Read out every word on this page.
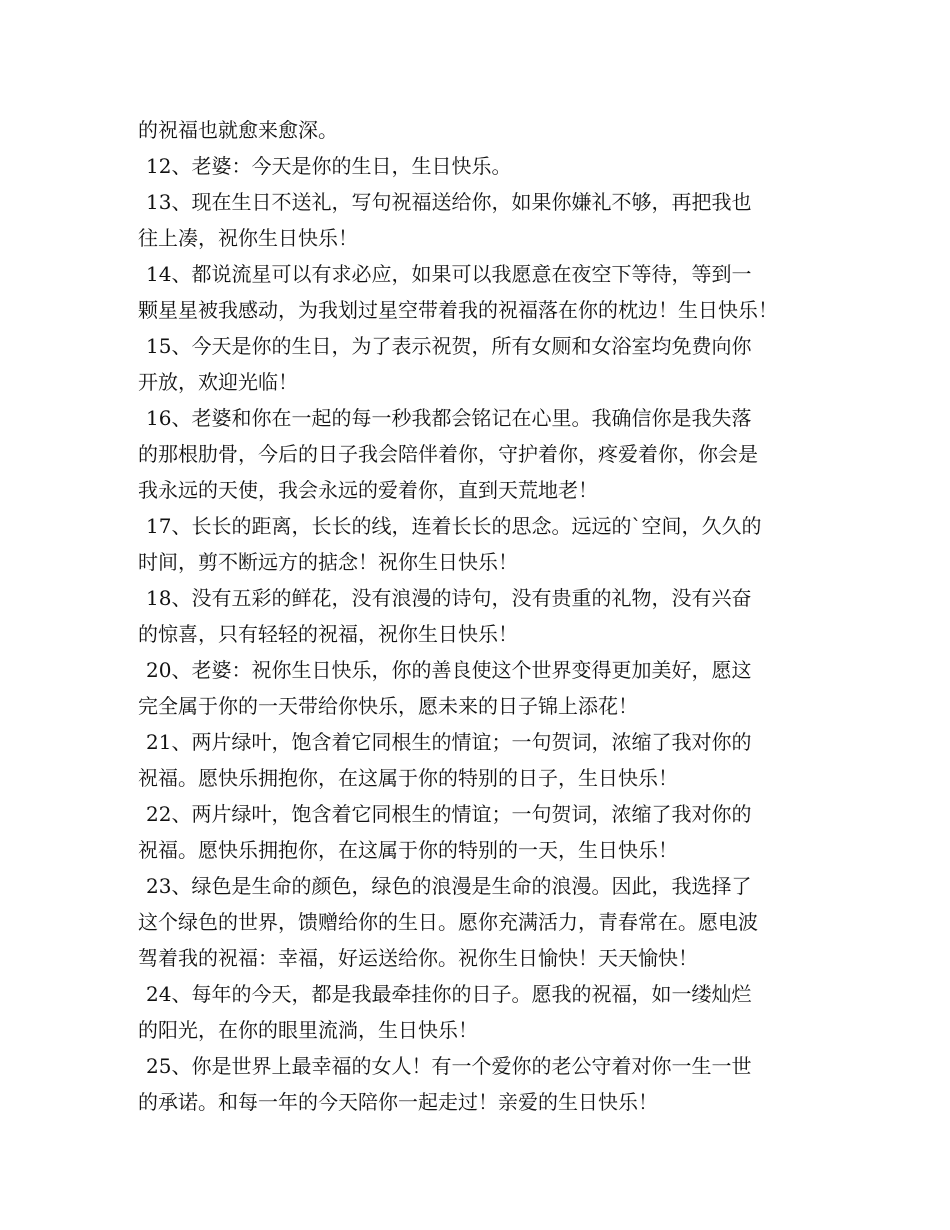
的祝福也就愈来愈深。
12、老婆：今天是你的生日，生日快乐。
13、现在生日不送礼，写句祝福送给你，如果你嫌礼不够，再把我也
往上凑，祝你生日快乐！
14、都说流星可以有求必应，如果可以我愿意在夜空下等待，等到一
颗星星被我感动，为我划过星空带着我的祝福落在你的枕边！生日快乐！
15、今天是你的生日，为了表示祝贺，所有女厕和女浴室均免费向你
开放，欢迎光临！
16、老婆和你在一起的每一秒我都会铭记在心里。我确信你是我失落
的那根肋骨，今后的日子我会陪伴着你，守护着你，疼爱着你，你会是
我永远的天使，我会永远的爱着你，直到天荒地老！
17、长长的距离，长长的线，连着长长的思念。远远的`空间，久久的
时间，剪不断远方的掂念！祝你生日快乐！
18、没有五彩的鲜花，没有浪漫的诗句，没有贵重的礼物，没有兴奋
的惊喜，只有轻轻的祝福，祝你生日快乐！
20、老婆：祝你生日快乐，你的善良使这个世界变得更加美好，愿这
完全属于你的一天带给你快乐，愿未来的日子锦上添花！
21、两片绿叶，饱含着它同根生的情谊；一句贺词，浓缩了我对你的
祝福。愿快乐拥抱你，在这属于你的特别的日子，生日快乐！
22、两片绿叶，饱含着它同根生的情谊；一句贺词，浓缩了我对你的
祝福。愿快乐拥抱你，在这属于你的特别的一天，生日快乐！
23、绿色是生命的颜色，绿色的浪漫是生命的浪漫。因此，我选择了
这个绿色的世界，馈赠给你的生日。愿你充满活力，青春常在。愿电波
驾着我的祝福：幸福，好运送给你。祝你生日愉快！天天愉快！
24、每年的今天，都是我最牵挂你的日子。愿我的祝福，如一缕灿烂
的阳光，在你的眼里流淌，生日快乐！
25、你是世界上最幸福的女人！有一个爱你的老公守着对你一生一世
的承诺。和每一年的今天陪你一起走过！亲爱的生日快乐！
